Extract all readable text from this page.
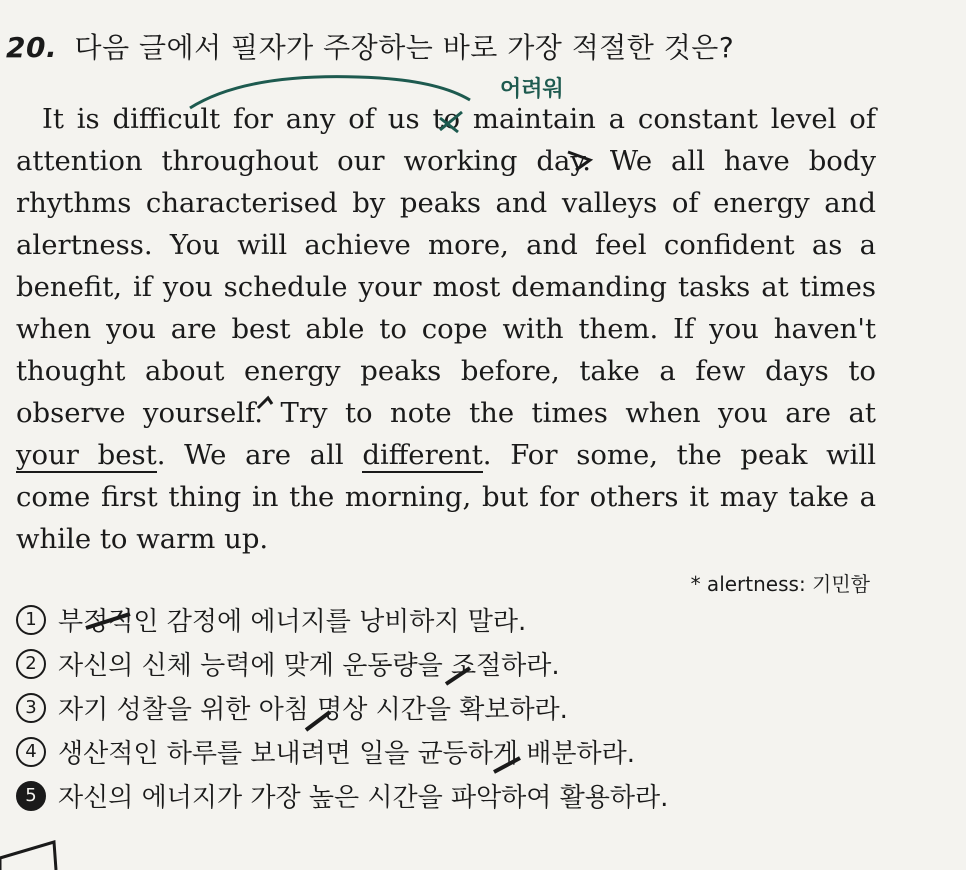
20. 다음 글에서 필자가 주장하는 바로 가장 적절한 것은?
어려워
It is difficult for any of us to maintain a constant level of
attention throughout our working day. We all have body
rhythms characterised by peaks and valleys of energy and
alertness. You will achieve more, and feel confident as a
benefit, if you schedule your most demanding tasks at times
when you are best able to cope with them. If you haven't
thought about energy peaks before, take a few days to
observe yourself. Try to note the times when you are at
your best. We are all different. For some, the peak will
come first thing in the morning, but for others it may take a
while to warm up.
* alertness: 기민함
1 부정적인 감정에 에너지를 낭비하지 말라.
2 자신의 신체 능력에 맞게 운동량을 조절하라.
3 자기 성찰을 위한 아침 명상 시간을 확보하라.
4 생산적인 하루를 보내려면 일을 균등하게 배분하라.
5 자신의 에너지가 가장 높은 시간을 파악하여 활용하라.
